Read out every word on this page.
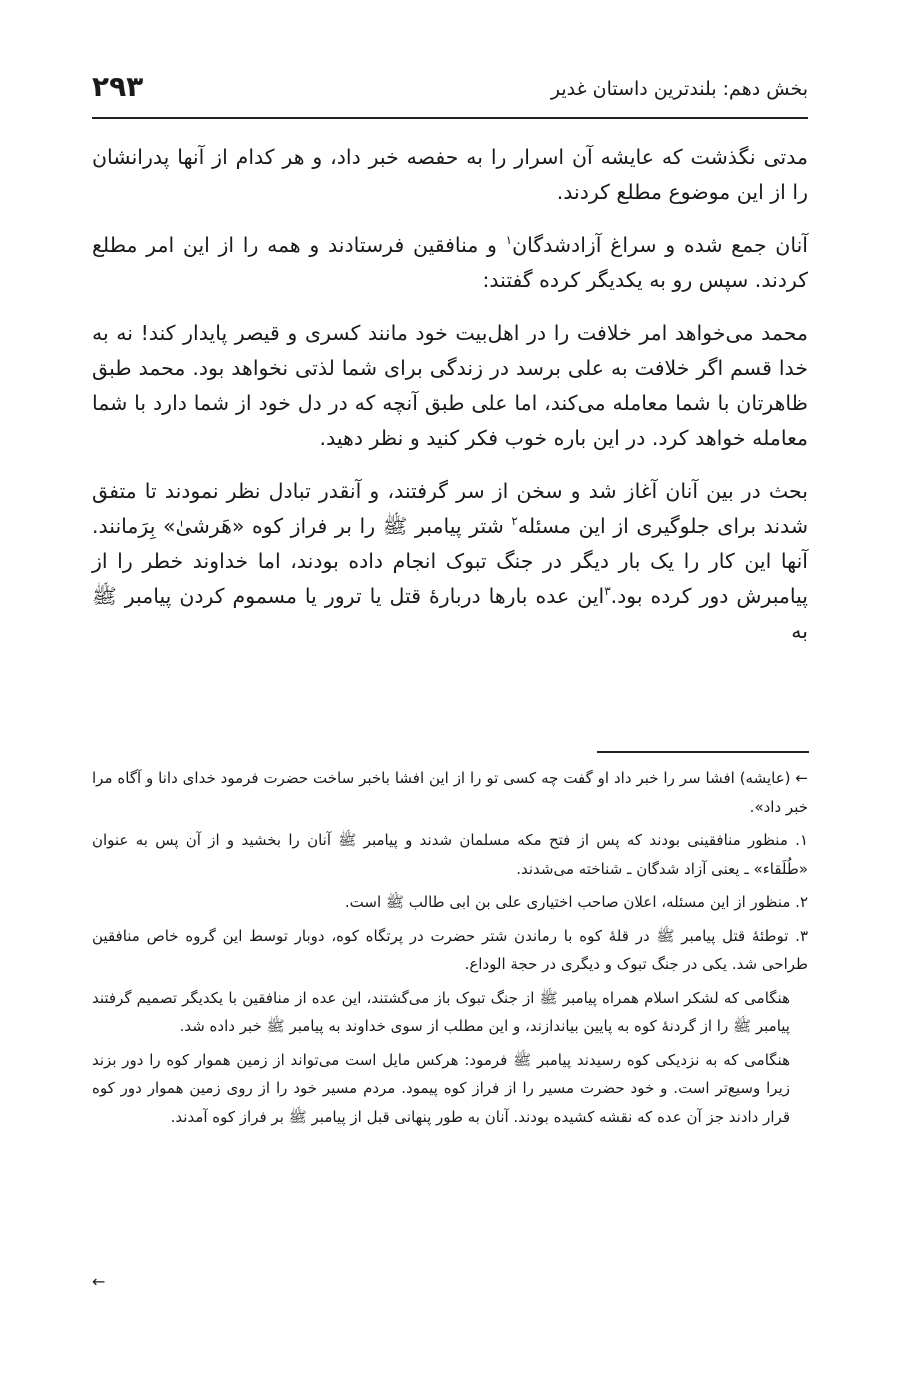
۲۹۳	بخش دهم: بلندترین داستان غدیر

مدتی نگذشت که عایشه آن اسرار را به حفصه خبر داد، و هر کدام از آنها پدرانشان را از این موضوع مطلع کردند.

آنان جمع شده و سراغ آزادشدگان$^۱$ و منافقین فرستادند و همه را از این امر مطلع کردند. سپس رو به یکدیگر کرده گفتند:

محمد می‌خواهد امر خلافت را در اهل‌بیت خود مانند کسری و قیصر پایدار کند! نه به خدا قسم اگر خلافت به علی برسد در زندگی برای شما لذتی نخواهد بود. محمد طبق ظاهرتان با شما معامله می‌کند، اما علی طبق آنچه که در دل خود از شما دارد با شما معامله خواهد کرد. در این باره خوب فکر کنید و نظر دهید.

بحث در بین آنان آغاز شد و سخن از سر گرفتند، و آنقدر تبادل نظر نمودند تا متفق شدند برای جلوگیری از این مسئله$^۲$ شتر پیامبر ﷺ را بر فراز کوه «هَرشیٰ» بِرَمانند. آنها این کار را یک بار دیگر در جنگ تبوک انجام داده بودند، اما خداوند خطر را از پیامبرش دور کرده بود.$^۳$این عده بارها دربارهٔ قتل یا ترور یا مسموم کردن پیامبر ﷺ به

← (عایشه) افشا سر را خبر داد او گفت چه کسی تو را از این افشا باخبر ساخت حضرت فرمود خدای دانا و آگاه مرا خبر داد».

۱. منظور منافقینی بودند که پس از فتح مکه مسلمان شدند و پیامبر ﷺ آنان را بخشید و از آن پس به عنوان «طُلَقاء» ـ یعنی آزاد شدگان ـ شناخته می‌شدند.

۲. منظور از این مسئله، اعلان صاحب اختیاری علی بن ابی طالب ﷺ است.

۳. توطئهٔ قتل پیامبر ﷺ در قلهٔ کوه با رماندن شتر حضرت در پرتگاه کوه، دوبار توسط این گروه خاص منافقین طراحی شد. یکی در جنگ تبوک و دیگری در حجة الوداع.

هنگامی که لشکر اسلام همراه پیامبر ﷺ از جنگ تبوک باز می‌گشتند، این عده از منافقین با یکدیگر تصمیم گرفتند پیامبر ﷺ را از گردنهٔ کوه به پایین بیاندازند، و این مطلب از سوی خداوند به پیامبر ﷺ خبر داده شد.

هنگامی که به نزدیکی کوه رسیدند پیامبر ﷺ فرمود: هرکس مایل است می‌تواند از زمین هموار کوه را دور بزند زیرا وسیع‌تر است. و خود حضرت مسیر را از فراز کوه پیمود. مردم مسیر خود را از روی زمین هموار دور کوه قرار دادند جز آن عده که نقشه کشیده بودند. آنان به طور پنهانی قبل از پیامبر ﷺ بر فراز کوه آمدند.

←
